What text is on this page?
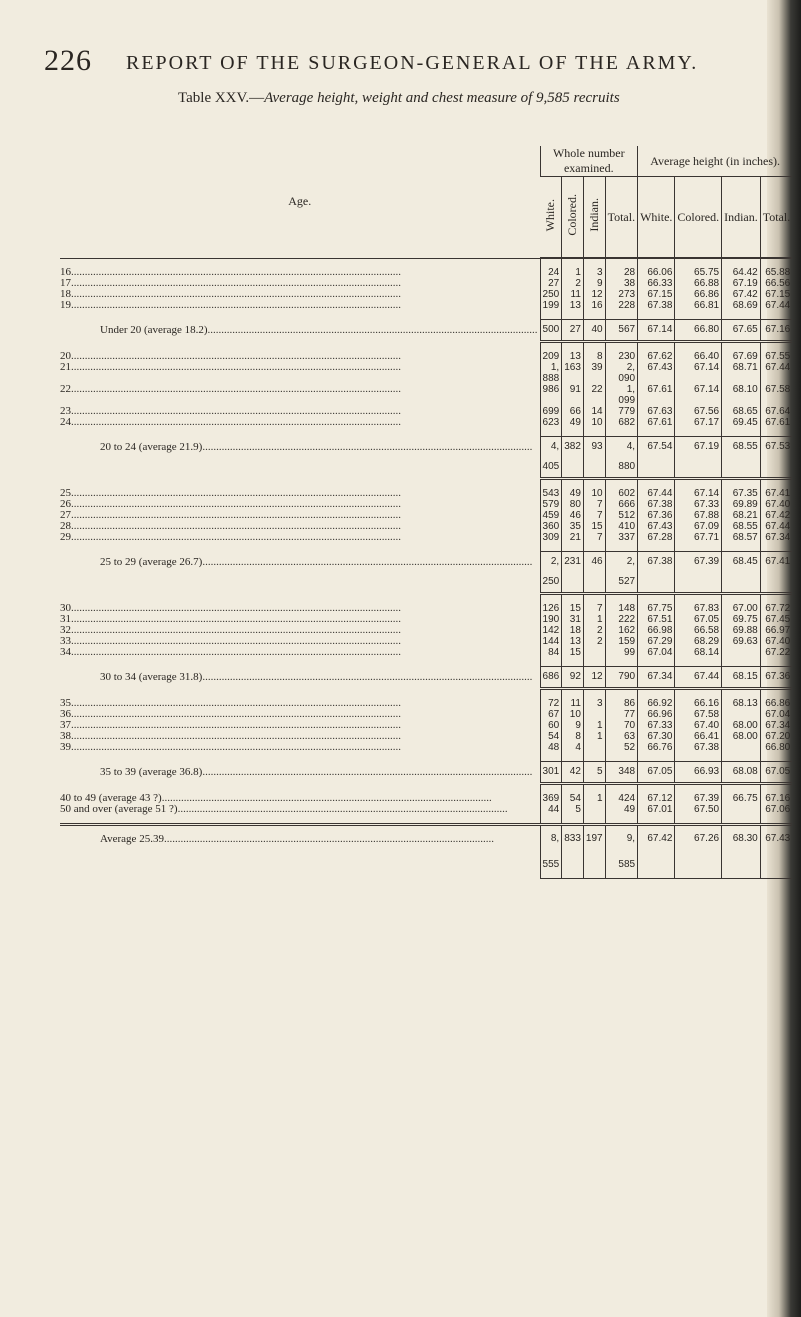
226 REPORT OF THE SURGEON-GENERAL OF THE ARMY.
Table XXV.—Average height, weight and chest measure of 9,585 recruits
Age.	Whole number examined.				Average height (in inches).			
	White.	Colored.	Indian.	Total.	White.	Colored.	Indian.	Total.

16........................................................................................................................	24	1	3	28	66.06	65.75	64.42	65.88
17........................................................................................................................	27	2	9	38	66.33	66.88	67.19	66.56
18........................................................................................................................	250	11	12	273	67.15	66.86	67.42	67.15
19........................................................................................................................	199	13	16	228	67.38	66.81	68.69	67.44

Under 20 (average 18.2)........................................................................................................................	500	27	40	567	67.14	66.80	67.65	67.16

20........................................................................................................................	209	13	8	230	67.62	66.40	67.69	67.55
21........................................................................................................................	1, 888	163	39	2, 090	67.43	67.14	68.71	67.44
22........................................................................................................................	986	91	22	1, 099	67.61	67.14	68.10	67.58
23........................................................................................................................	699	66	14	779	67.63	67.56	68.65	67.64
24........................................................................................................................	623	49	10	682	67.61	67.17	69.45	67.61

20 to 24 (average 21.9)........................................................................................................................	4, 405	382	93	4, 880	67.54	67.19	68.55	67.53

25........................................................................................................................	543	49	10	602	67.44	67.14	67.35	67.41
26........................................................................................................................	579	80	7	666	67.38	67.33	69.89	67.40
27........................................................................................................................	459	46	7	512	67.36	67.88	68.21	67.42
28........................................................................................................................	360	35	15	410	67.43	67.09	68.55	67.44
29........................................................................................................................	309	21	7	337	67.28	67.71	68.57	67.34

25 to 29 (average 26.7)........................................................................................................................	2, 250	231	46	2, 527	67.38	67.39	68.45	67.41

30........................................................................................................................	126	15	7	148	67.75	67.83	67.00	67.72
31........................................................................................................................	190	31	1	222	67.51	67.05	69.75	67.45
32........................................................................................................................	142	18	2	162	66.98	66.58	69.88	66.97
33........................................................................................................................	144	13	2	159	67.29	68.29	69.63	67.40
34........................................................................................................................	84	15		99	67.04	68.14		67.22

30 to 34 (average 31.8)........................................................................................................................	686	92	12	790	67.34	67.44	68.15	67.36

35........................................................................................................................	72	11	3	86	66.92	66.16	68.13	66.86
36........................................................................................................................	67	10		77	66.96	67.58		67.04
37........................................................................................................................	60	9	1	70	67.33	67.40	68.00	67.34
38........................................................................................................................	54	8	1	63	67.30	66.41	68.00	67.20
39........................................................................................................................	48	4		52	66.76	67.38		66.80

35 to 39 (average 36.8)........................................................................................................................	301	42	5	348	67.05	66.93	68.08	67.05

40 to 49 (average 43 ?)........................................................................................................................	369	54	1	424	67.12	67.39	66.75	67.16
50 and over (average 51 ?)........................................................................................................................	44	5		49	67.01	67.50		67.06

Average 25.39........................................................................................................................	8, 555	833	197	9, 585	67.42	67.26	68.30	67.43
